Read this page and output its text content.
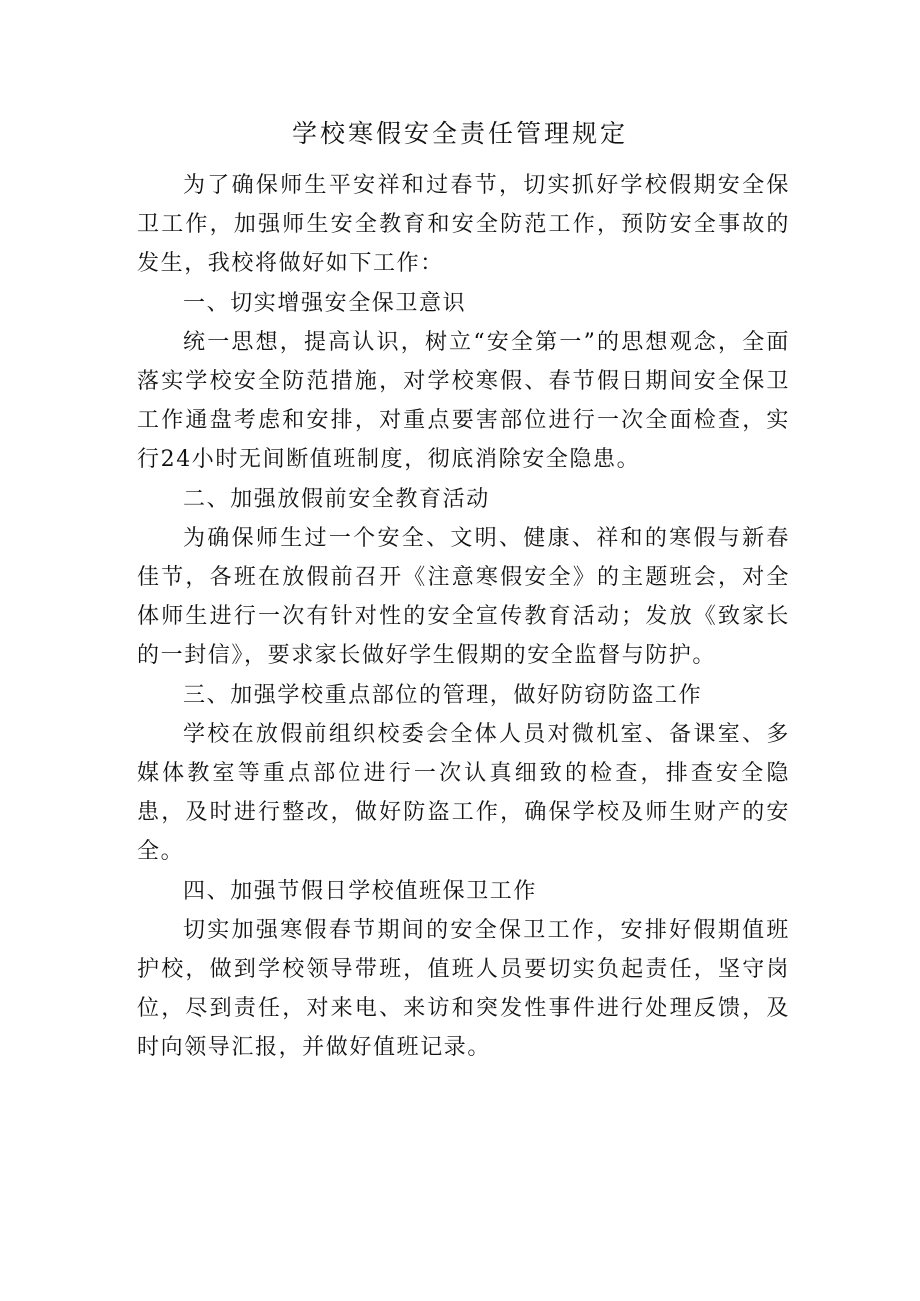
学校寒假安全责任管理规定

为了确保师生平安祥和过春节，切实抓好学校假期安全保卫工作，加强师生安全教育和安全防范工作，预防安全事故的发生，我校将做好如下工作：

一、切实增强安全保卫意识

统一思想，提高认识，树立“安全第一”的思想观念，全面落实学校安全防范措施，对学校寒假、春节假日期间安全保卫工作通盘考虑和安排，对重点要害部位进行一次全面检查，实行24小时无间断值班制度，彻底消除安全隐患。

二、加强放假前安全教育活动

为确保师生过一个安全、文明、健康、祥和的寒假与新春佳节，各班在放假前召开《注意寒假安全》的主题班会，对全体师生进行一次有针对性的安全宣传教育活动；发放《致家长的一封信》，要求家长做好学生假期的安全监督与防护。

三、加强学校重点部位的管理，做好防窃防盗工作

学校在放假前组织校委会全体人员对微机室、备课室、多媒体教室等重点部位进行一次认真细致的检查，排查安全隐患，及时进行整改，做好防盗工作，确保学校及师生财产的安全。

四、加强节假日学校值班保卫工作

切实加强寒假春节期间的安全保卫工作，安排好假期值班护校，做到学校领导带班，值班人员要切实负起责任，坚守岗位，尽到责任，对来电、来访和突发性事件进行处理反馈，及时向领导汇报，并做好值班记录。
